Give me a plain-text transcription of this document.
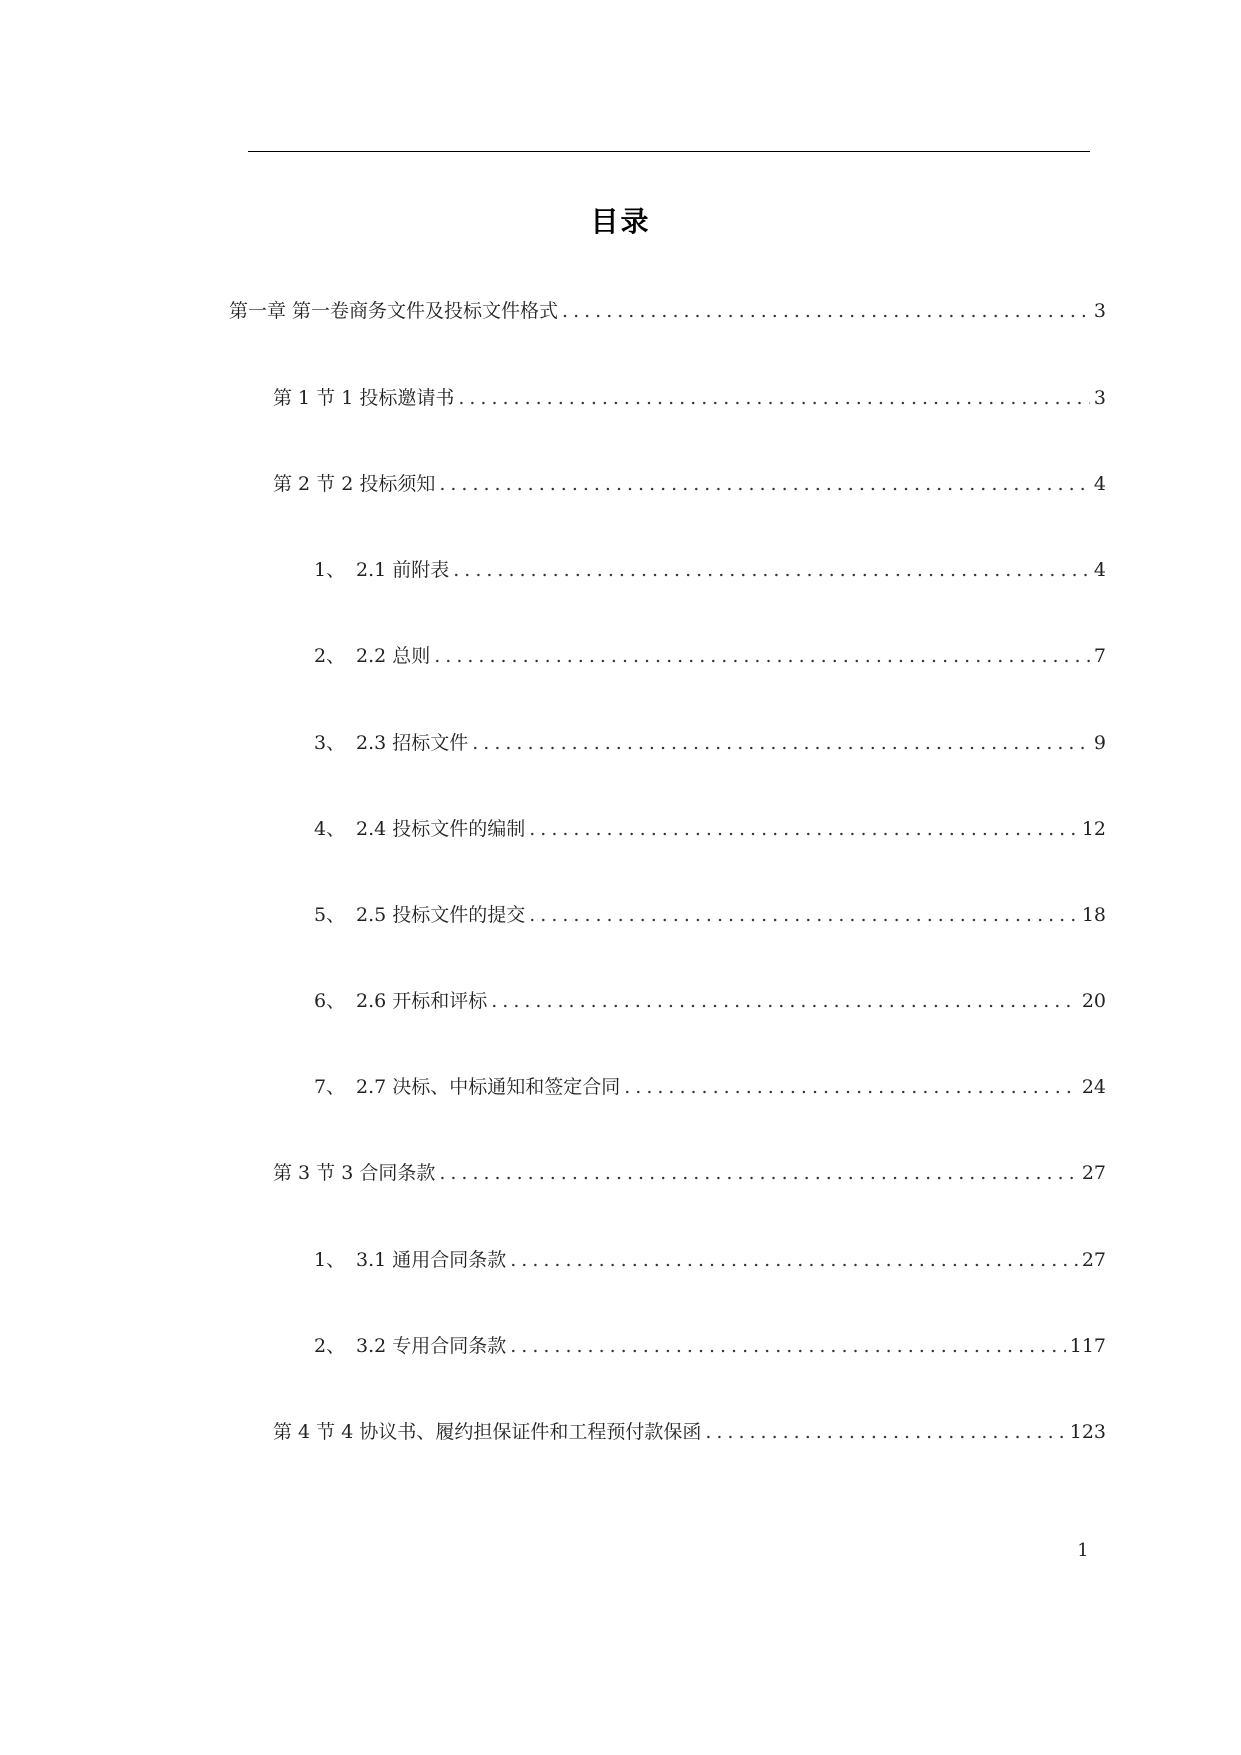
目录
第一章 第一卷商务文件及投标文件格式 .....	3
第 1 节 1 投标邀请书 .....	3
第 2 节 2 投标须知 .....	4
1、 2.1 前附表 .....	4
2、 2.2 总则 .....	7
3、 2.3 招标文件 .....	9
4、 2.4 投标文件的编制 .....	12
5、 2.5 投标文件的提交 .....	18
6、 2.6 开标和评标 .....	20
7、 2.7 决标、中标通知和签定合同 .....	24
第 3 节 3 合同条款 .....	27
1、 3.1 通用合同条款 .....	27
2、 3.2 专用合同条款 .....	117
第 4 节 4 协议书、履约担保证件和工程预付款保函 .....	123
1
